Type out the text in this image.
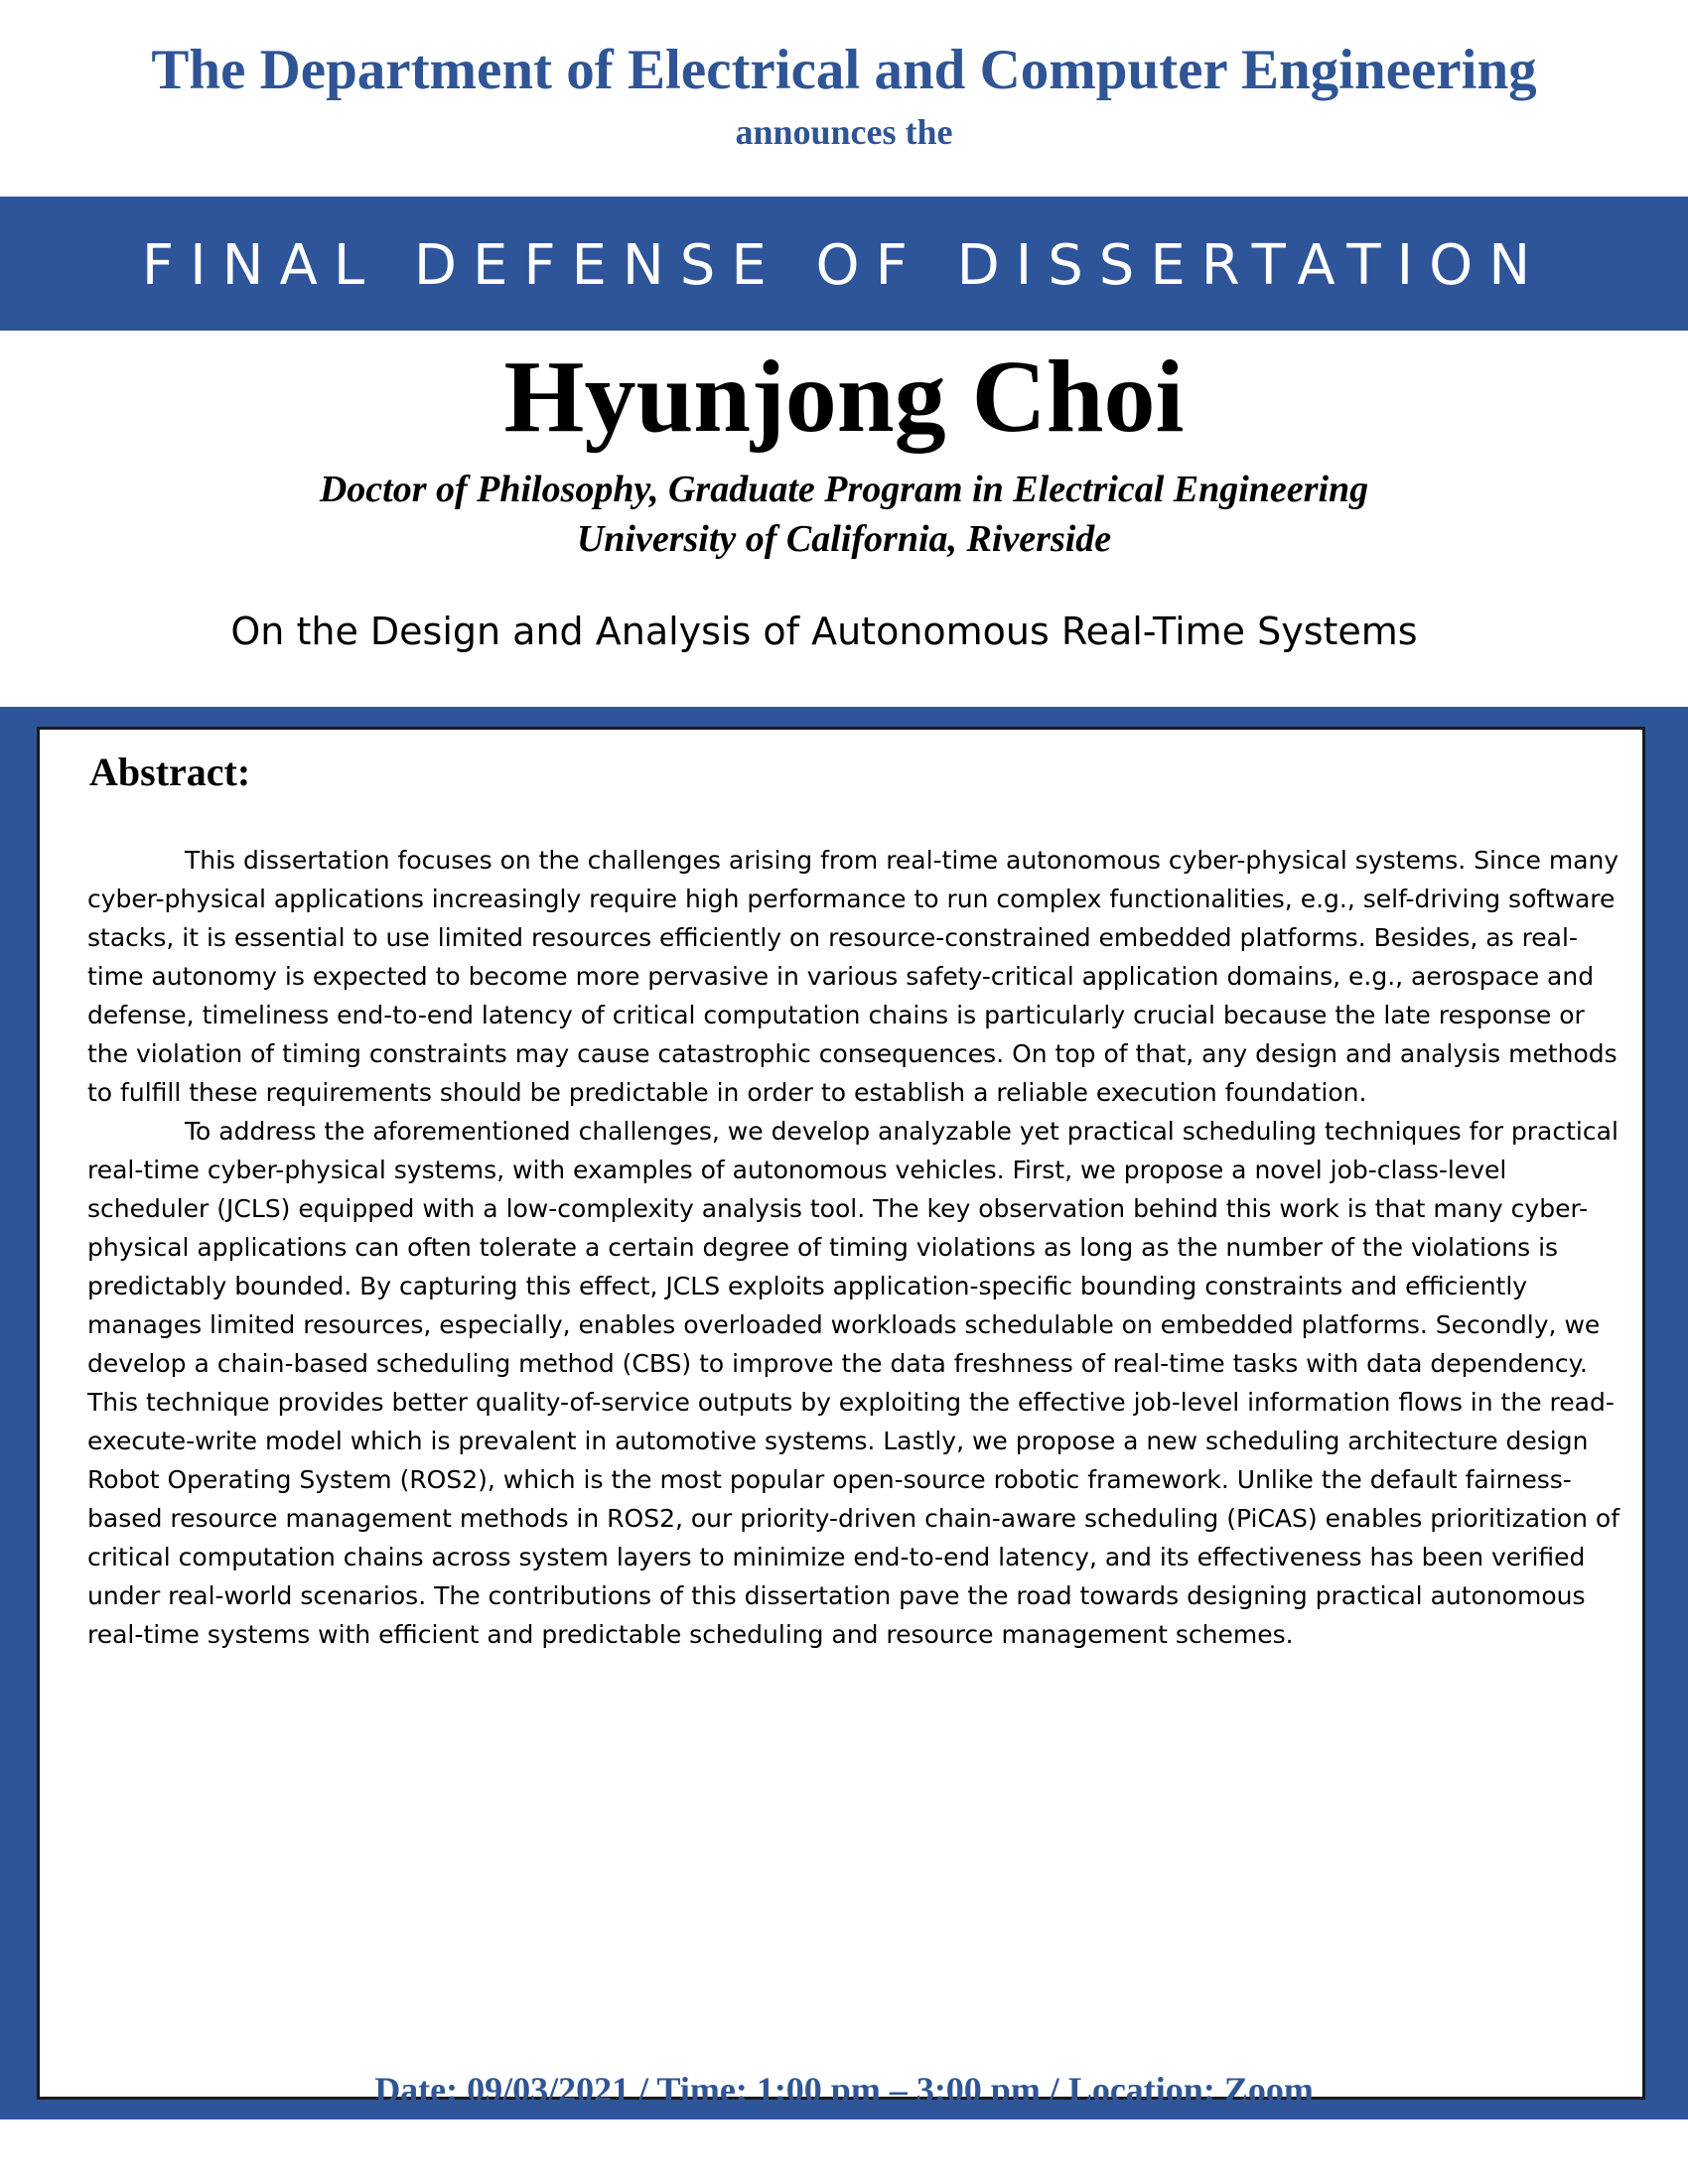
The Department of Electrical and Computer Engineering
announces the
FINAL DEFENSE OF DISSERTATION
Hyunjong Choi
Doctor of Philosophy, Graduate Program in Electrical Engineering
University of California, Riverside
On the Design and Analysis of Autonomous Real-Time Systems
Abstract:

This dissertation focuses on the challenges arising from real-time autonomous cyber-physical systems. Since many cyber-physical applications increasingly require high performance to run complex functionalities, e.g., self-driving software stacks, it is essential to use limited resources efficiently on resource-constrained embedded platforms. Besides, as real-time autonomy is expected to become more pervasive in various safety-critical application domains, e.g., aerospace and defense, timeliness end-to-end latency of critical computation chains is particularly crucial because the late response or the violation of timing constraints may cause catastrophic consequences. On top of that, any design and analysis methods to fulfill these requirements should be predictable in order to establish a reliable execution foundation.

To address the aforementioned challenges, we develop analyzable yet practical scheduling techniques for practical real-time cyber-physical systems, with examples of autonomous vehicles. First, we propose a novel job-class-level scheduler (JCLS) equipped with a low-complexity analysis tool. The key observation behind this work is that many cyber-physical applications can often tolerate a certain degree of timing violations as long as the number of the violations is predictably bounded. By capturing this effect, JCLS exploits application-specific bounding constraints and efficiently manages limited resources, especially, enables overloaded workloads schedulable on embedded platforms. Secondly, we develop a chain-based scheduling method (CBS) to improve the data freshness of real-time tasks with data dependency. This technique provides better quality-of-service outputs by exploiting the effective job-level information flows in the read-execute-write model which is prevalent in automotive systems. Lastly, we propose a new scheduling architecture design Robot Operating System (ROS2), which is the most popular open-source robotic framework. Unlike the default fairness-based resource management methods in ROS2, our priority-driven chain-aware scheduling (PiCAS) enables prioritization of critical computation chains across system layers to minimize end-to-end latency, and its effectiveness has been verified under real-world scenarios. The contributions of this dissertation pave the road towards designing practical autonomous real-time systems with efficient and predictable scheduling and resource management schemes.

Date: 09/03/2021 / Time: 1:00 pm – 3:00 pm / Location: Zoom
